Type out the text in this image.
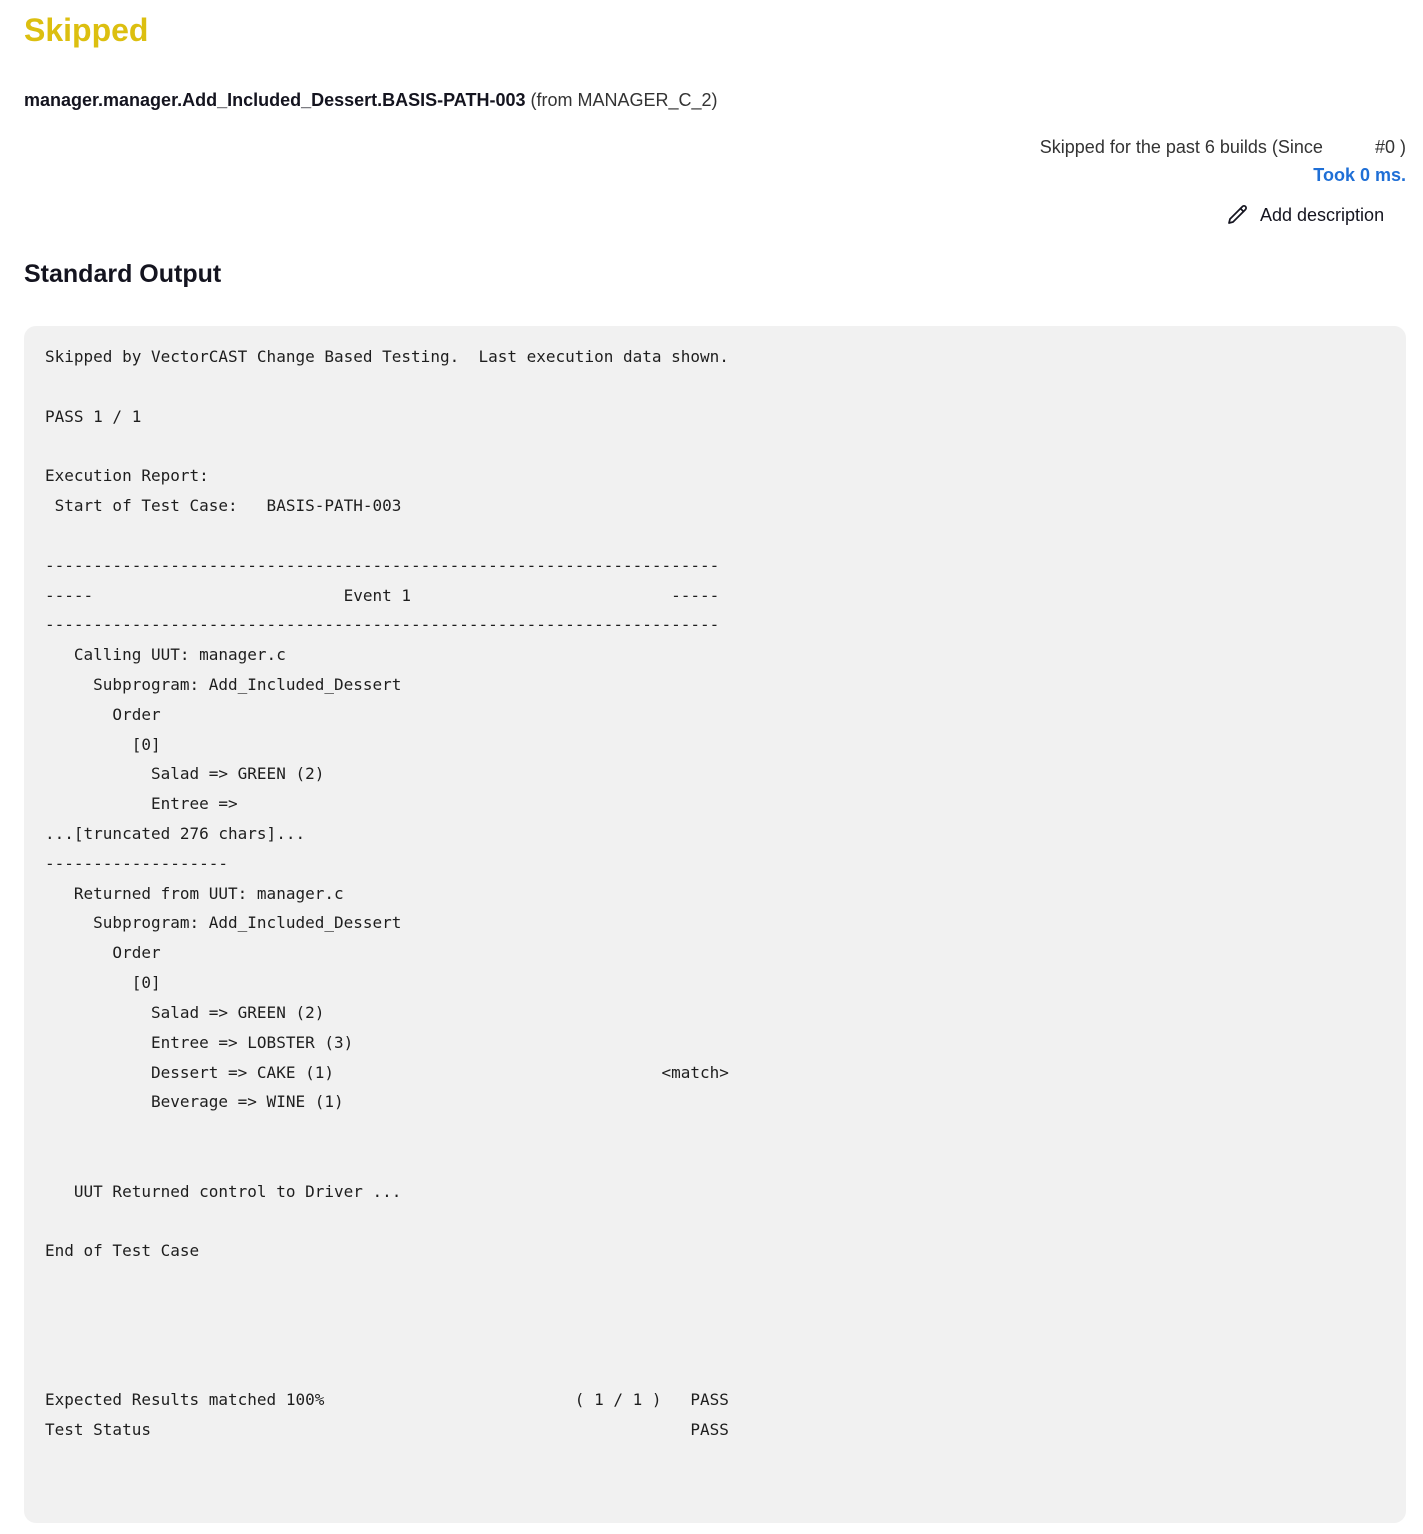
Skipped
manager.manager.Add_Included_Dessert.BASIS-PATH-003 (from MANAGER_C_2)
Skipped for the past 6 builds (Since	#0 )
Took 0 ms.
Add description
Standard Output
Skipped by VectorCAST Change Based Testing.  Last execution data shown.

PASS 1 / 1

Execution Report:
Start of Test Case:   BASIS-PATH-003

----------------------------------------------------------------------
-----                          Event 1                           -----
----------------------------------------------------------------------
Calling UUT: manager.c
Subprogram: Add_Included_Dessert
Order
[0]
Salad => GREEN (2)
Entree =>
...[truncated 276 chars]...
-------------------
Returned from UUT: manager.c
Subprogram: Add_Included_Dessert
Order
[0]
Salad => GREEN (2)
Entree => LOBSTER (3)
Dessert => CAKE (1)                                  <match>
Beverage => WINE (1)

UUT Returned control to Driver ...

End of Test Case

Expected Results matched 100%                          ( 1 / 1 )   PASS
Test Status                                                        PASS
